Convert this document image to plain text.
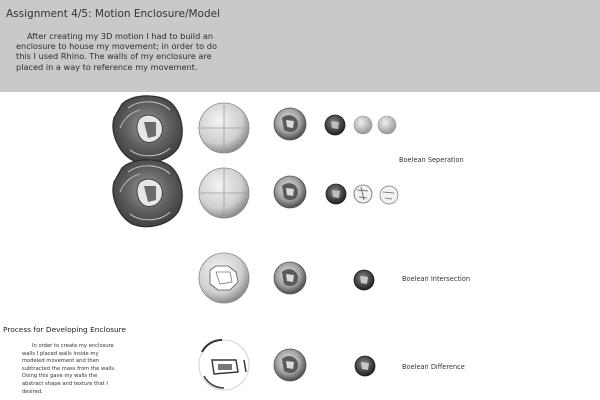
Assignment 4/5: Motion Enclosure/Model
After creating my 3D motion I had to build an enclosure to house my movement; in order to do this I used Rhino. The walls of my enclosure are placed in a way to reference my movement.
Boelean Seperation
Boelean Intersection
Boelean Difference
Process for Developing Enclosure
In order to create my enclosure walls I placed walls inside my modeled movement and then subtracted the mass from the walls. Doing this gave my walls the abstract shape and texture that I desired.
